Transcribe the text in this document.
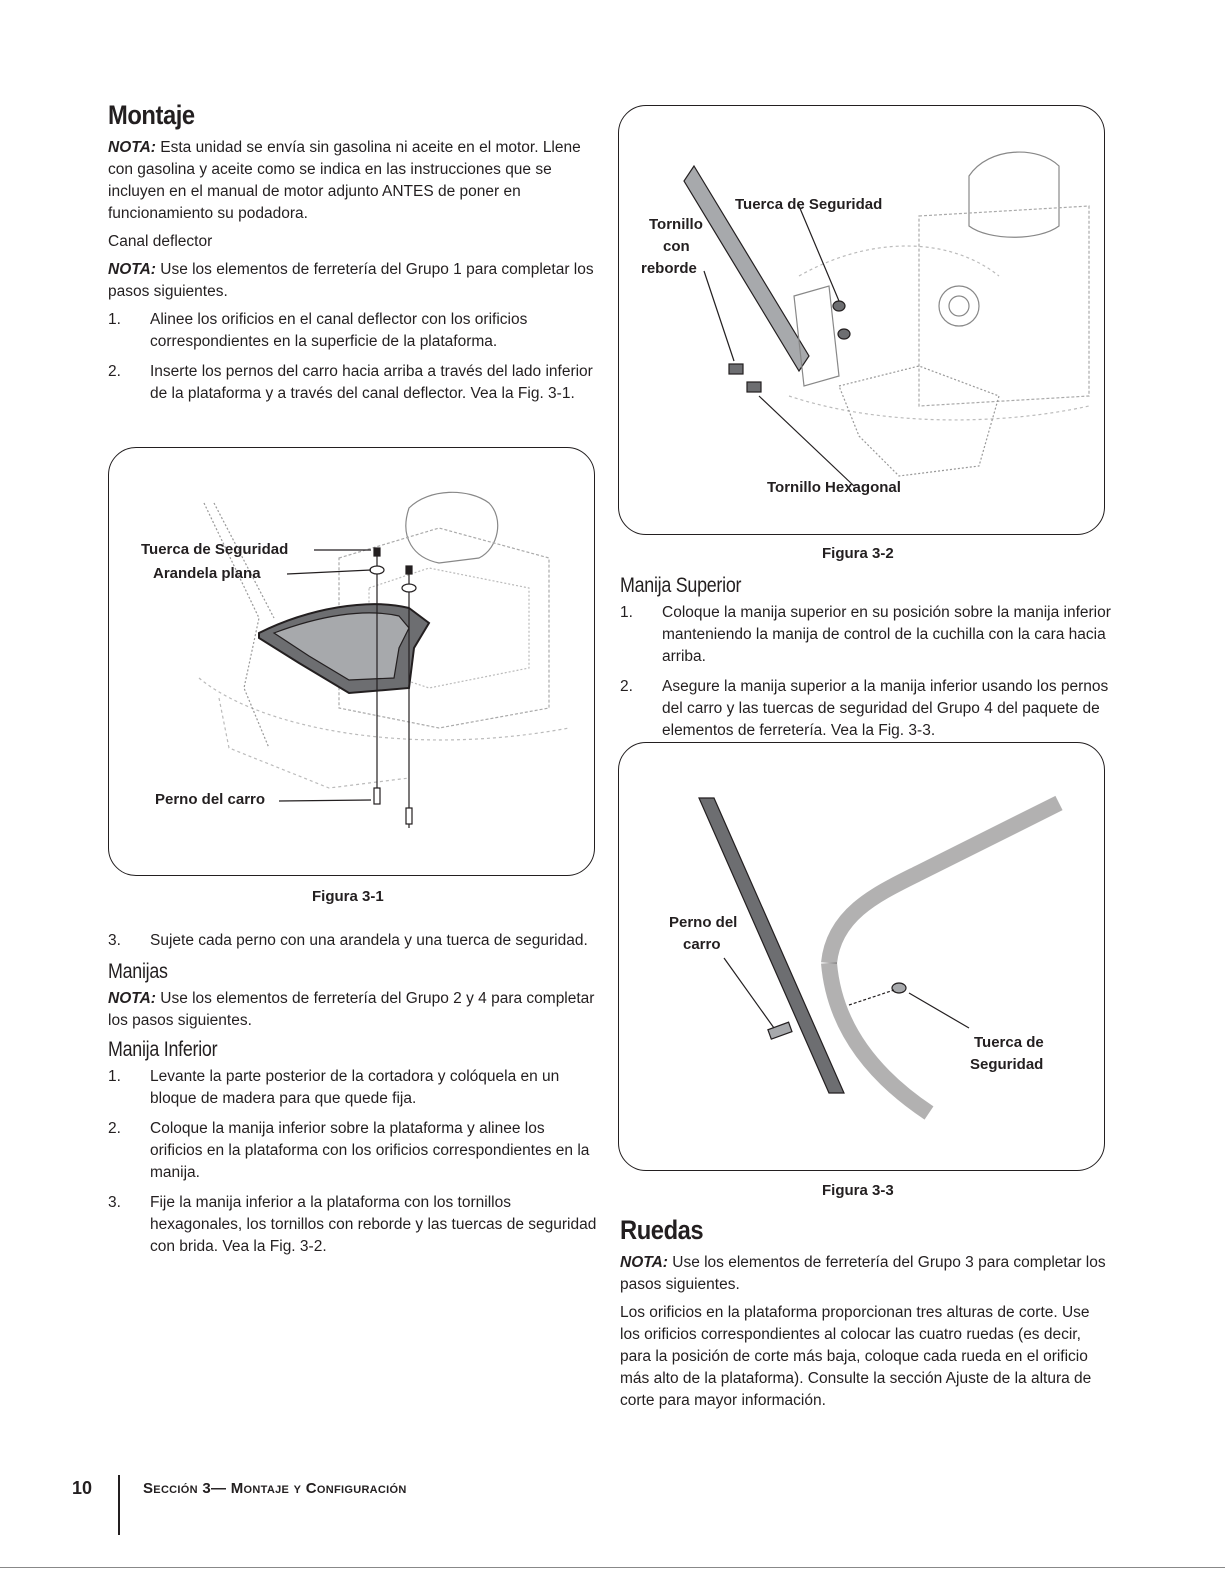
Montaje

NOTA: Esta unidad se envía sin gasolina ni aceite en el motor. Llene con gasolina y aceite como se indica en las instrucciones que se incluyen en el manual de motor adjunto ANTES de poner en funcionamiento su podadora.

Canal deflector

NOTA: Use los elementos de ferretería del Grupo 1 para completar los pasos siguientes.

1. Alinee los orificios en el canal deflector con los orificios correspondientes en la superficie de la plataforma.
2. Inserte los pernos del carro hacia arriba a través del lado inferior de la plataforma y a través del canal deflector. Vea la Fig. 3-1.
Tuerca de Seguridad
Arandela plana
Perno del carro
Figura 3-1
3. Sujete cada perno con una arandela y una tuerca de seguridad.
Manijas

NOTA: Use los elementos de ferretería del Grupo 2 y 4 para completar los pasos siguientes.

Manija Inferior
1. Levante la parte posterior de la cortadora y colóquela en un bloque de madera para que quede fija.
2. Coloque la manija inferior sobre la plataforma y alinee los orificios en la plataforma con los orificios correspondientes en la manija.
3. Fije la manija inferior a la plataforma con los tornillos hexagonales, los tornillos con reborde y las tuercas de seguridad con brida. Vea la Fig. 3-2.
Tornillo
con
reborde
Tuerca de Seguridad
Tornillo Hexagonal
Figura 3-2
Manija Superior
1. Coloque la manija superior en su posición sobre la manija inferior manteniendo la manija de control de la cuchilla con la cara hacia arriba.
2. Asegure la manija superior a la manija inferior usando los pernos del carro y las tuercas de seguridad del Grupo 4 del paquete de elementos de ferretería. Vea la Fig. 3-3.
Perno del
carro
Tuerca de
Seguridad
Figura 3-3
Ruedas

NOTA: Use los elementos de ferretería del Grupo 3 para completar los pasos siguientes.

Los orificios en la plataforma proporcionan tres alturas de corte. Use los orificios correspondientes al colocar las cuatro ruedas (es decir, para la posición de corte más baja, coloque cada rueda en el orificio más alto de la plataforma). Consulte la sección Ajuste de la altura de corte para mayor información.

10	Sección 3— Montaje y Configuración
